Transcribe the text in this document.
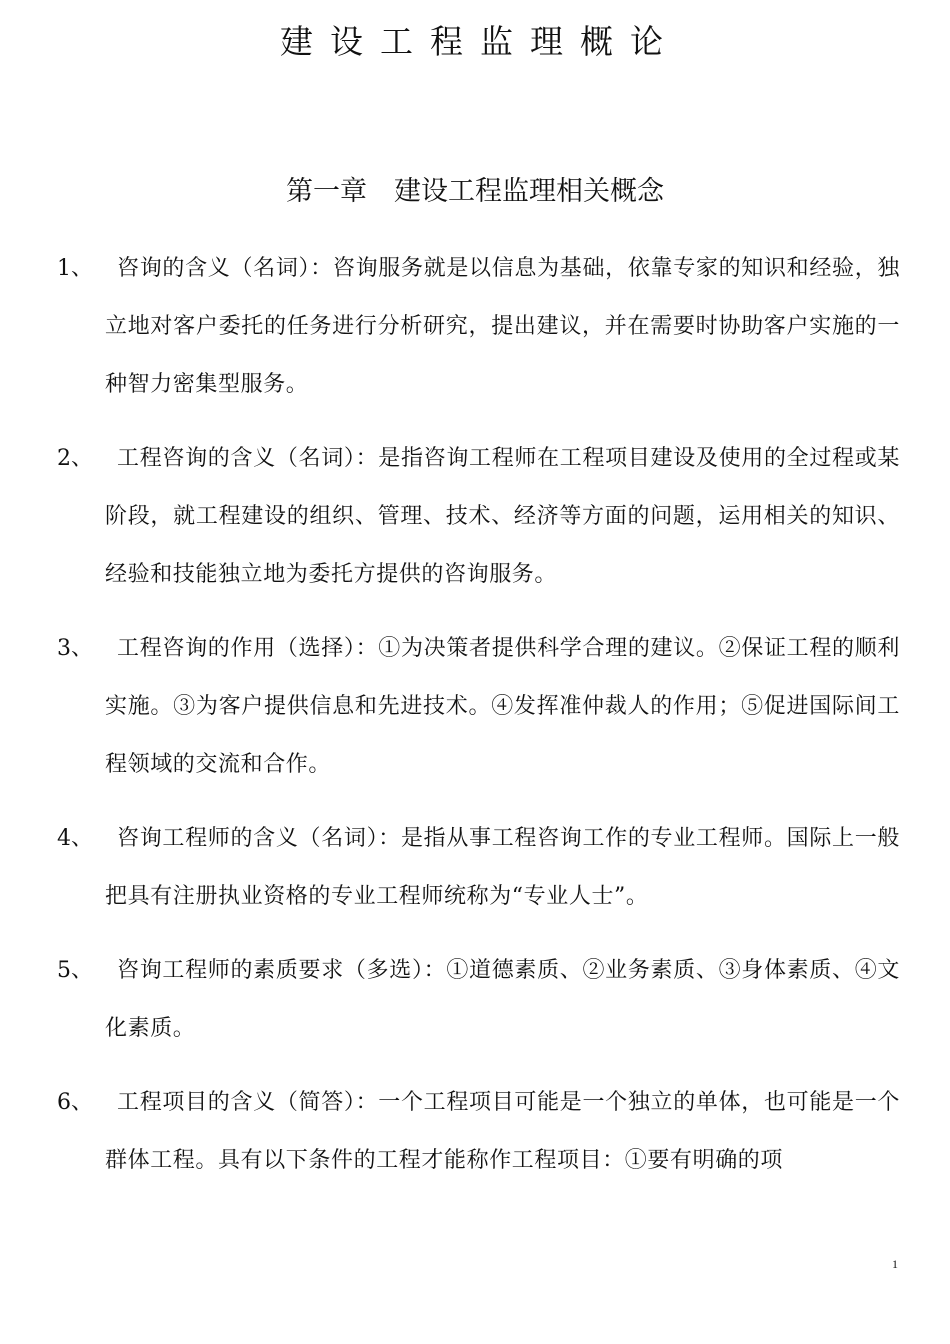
建设工程监理概论
第一章　建设工程监理相关概念
1、	咨询的含义（名词）：咨询服务就是以信息为基础，依靠专家的知识和经验，独立地对客户委托的任务进行分析研究，提出建议，并在需要时协助客户实施的一种智力密集型服务。

2、	工程咨询的含义（名词）：是指咨询工程师在工程项目建设及使用的全过程或某阶段，就工程建设的组织、管理、技术、经济等方面的问题，运用相关的知识、经验和技能独立地为委托方提供的咨询服务。

3、	工程咨询的作用（选择）：①为决策者提供科学合理的建议。②保证工程的顺利实施。③为客户提供信息和先进技术。④发挥准仲裁人的作用；⑤促进国际间工程领域的交流和合作。

4、	咨询工程师的含义（名词）：是指从事工程咨询工作的专业工程师。国际上一般把具有注册执业资格的专业工程师统称为“专业人士”。

5、	咨询工程师的素质要求（多选）：①道德素质、②业务素质、③身体素质、④文化素质。

6、	工程项目的含义（简答）：一个工程项目可能是一个独立的单体，也可能是一个群体工程。具有以下条件的工程才能称作工程项目：①要有明确的项

1
